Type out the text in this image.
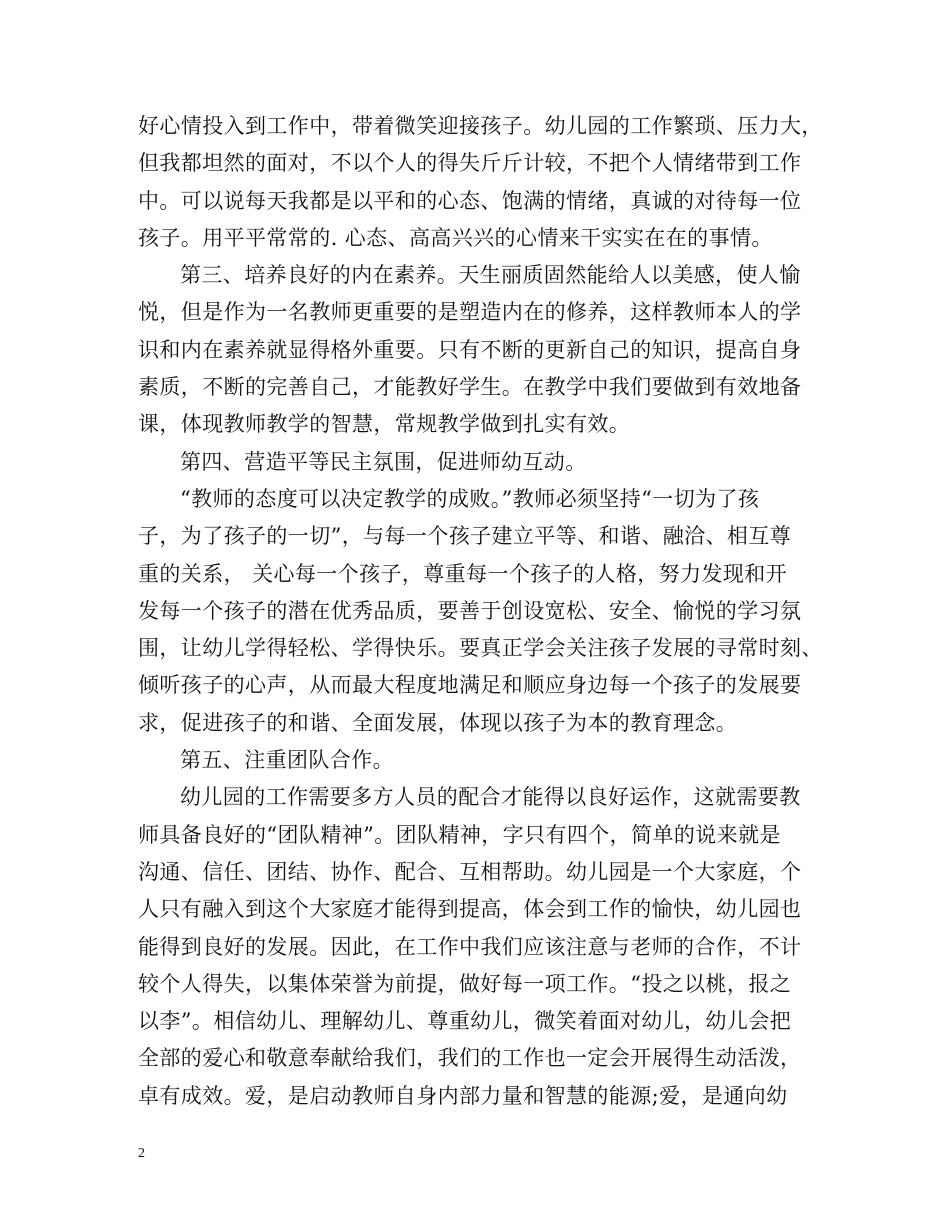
好心情投入到工作中，带着微笑迎接孩子。幼儿园的工作繁琐、压力大，
但我都坦然的面对，不以个人的得失斤斤计较，不把个人情绪带到工作
中。可以说每天我都是以平和的心态、饱满的情绪，真诚的对待每一位
孩子。用平平常常的. 心态、高高兴兴的心情来干实实在在的事情。
第三、培养良好的内在素养。天生丽质固然能给人以美感，使人愉
悦，但是作为一名教师更重要的是塑造内在的修养，这样教师本人的学
识和内在素养就显得格外重要。只有不断的更新自己的知识，提高自身
素质，不断的完善自己，才能教好学生。在教学中我们要做到有效地备
课，体现教师教学的智慧，常规教学做到扎实有效。
第四、营造平等民主氛围，促进师幼互动。
“教师的态度可以决定教学的成败。”教师必须坚持“一切为了孩
子，为了孩子的一切”，与每一个孩子建立平等、和谐、融洽、相互尊
重的关系， 关心每一个孩子，尊重每一个孩子的人格，努力发现和开
发每一个孩子的潜在优秀品质，要善于创设宽松、安全、愉悦的学习氛
围，让幼儿学得轻松、学得快乐。要真正学会关注孩子发展的寻常时刻、
倾听孩子的心声，从而最大程度地满足和顺应身边每一个孩子的发展要
求，促进孩子的和谐、全面发展，体现以孩子为本的教育理念。
第五、注重团队合作。
幼儿园的工作需要多方人员的配合才能得以良好运作，这就需要教
师具备良好的“团队精神”。团队精神，字只有四个，简单的说来就是
沟通、信任、团结、协作、配合、互相帮助。幼儿园是一个大家庭，个
人只有融入到这个大家庭才能得到提高，体会到工作的愉快，幼儿园也
能得到良好的发展。因此，在工作中我们应该注意与老师的合作，不计
较个人得失，以集体荣誉为前提，做好每一项工作。“投之以桃，报之
以李”。相信幼儿、理解幼儿、尊重幼儿，微笑着面对幼儿，幼儿会把
全部的爱心和敬意奉献给我们，我们的工作也一定会开展得生动活泼，
卓有成效。爱，是启动教师自身内部力量和智慧的能源;爱，是通向幼
2
